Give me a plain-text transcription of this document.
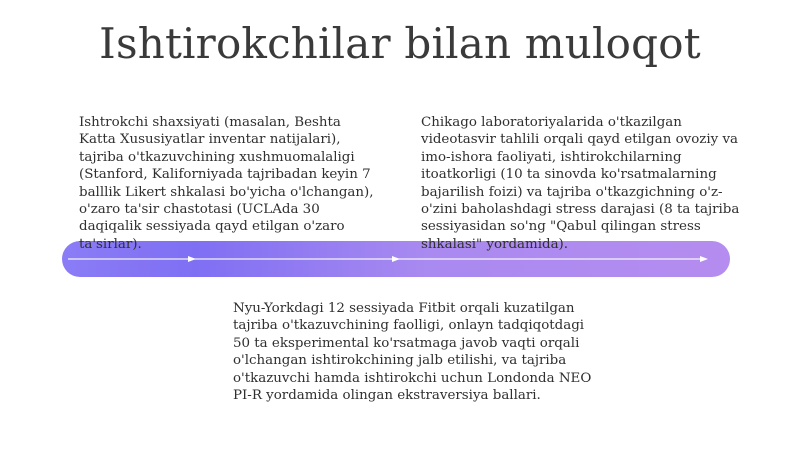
Ishtirokchilar bilan muloqot
Ishtrokchi shaxsiyati (masalan, Beshta Katta Xususiyatlar inventar natijalari), tajriba o'tkazuvchining xushmuomalaligi (Stanford, Kaliforniyada tajribadan keyin 7 balllik Likert shkalasi bo'yicha o'lchangan), o'zaro ta'sir chastotasi (UCLAda 30 daqiqalik sessiyada qayd etilgan o'zaro ta'sirlar).
Chikago laboratoriyalarida o'tkazilgan videotasvir tahlili orqali qayd etilgan ovoziy va imo-ishora faoliyati, ishtirokchilarning itoatkorligi (10 ta sinovda ko'rsatmalarning bajarilish foizi) va tajriba o'tkazgichning o'z-o'zini baholashdagi stress darajasi (8 ta tajriba sessiyasidan so'ng "Qabul qilingan stress shkalasi" yordamida).
Nyu-Yorkdagi 12 sessiyada Fitbit orqali kuzatilgan tajriba o'tkazuvchining faolligi, onlayn tadqiqotdagi 50 ta eksperimental ko'rsatmaga javob vaqti orqali o'lchangan ishtirokchining jalb etilishi, va tajriba o'tkazuvchi hamda ishtirokchi uchun Londonda NEO PI-R yordamida olingan ekstraversiya ballari.
